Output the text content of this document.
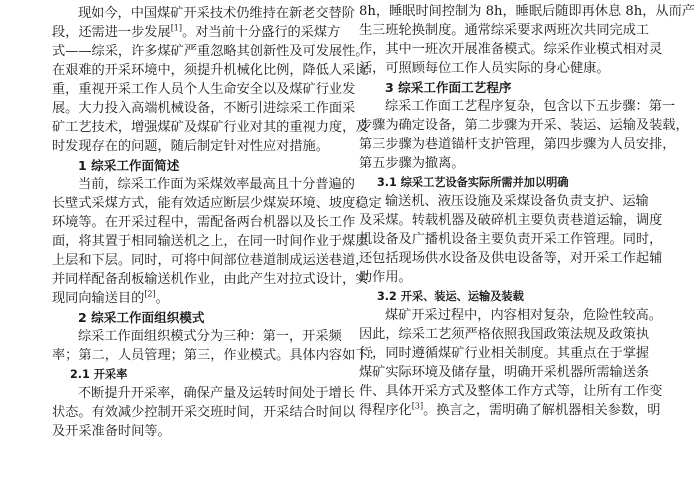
现如今，中国煤矿开采技术仍维持在新老交替阶

段，还需进一步发展[1]。对当前十分盛行的采煤方

式——综采，许多煤矿严重忽略其创新性及可发展性。

在艰难的开采环境中，须提升机械化比例，降低人采比

重，重视开采工作人员个人生命安全以及煤矿行业发

展。大力投入高端机械设备，不断引进综采工作面采

矿工艺技术，增强煤矿及煤矿行业对其的重视力度，及

时发现存在的问题，随后制定针对性应对措施。

1 综采工作面简述

当前，综采工作面为采煤效率最高且十分普遍的

长壁式采煤方式，能有效适应断层少煤炭环境、坡度稳定

环境等。在开采过程中，需配备两台机器以及长工作

面，将其置于相同输送机之上，在同一时间作业于煤层

上层和下层。同时，可将中间部位巷道制成运送巷道，

并同样配备刮板输送机作业，由此产生对拉式设计，实

现同向输送目的[2]。

2 综采工作面组织模式

综采工作面组织模式分为三种：第一，开采频

率；第二，人员管理；第三，作业模式。具体内容如下：

2.1 开采率

不断提升开采率，确保产量及运转时间处于增长

状态。有效减少控制开采交班时间，开采结合时间以

及开采准备时间等。

8h，睡眠时间控制为 8h，睡眠后随即再休息 8h，从而产

生三班轮换制度。通常综采要求两班次共同完成工

作，其中一班次开展准备模式。综采作业模式相对灵

活，可照顾每位工作人员实际的身心健康。

3 综采工作面工艺程序

综采工作面工艺程序复杂，包含以下五步骤：第一

步骤为确定设备，第二步骤为开采、装运、运输及装载，

第三步骤为巷道锚杆支护管理，第四步骤为人员安排，

第五步骤为撤离。

3.1 综采工艺设备实际所需并加以明确

输送机、液压设施及采煤设备负责支护、运输

及采煤。转载机器及破碎机主要负责巷道运输，调度

机设备及广播机设备主要负责开采工作管理。同时，

还包括现场供水设备及供电设备等，对开采工作起辅

助作用。

3.2 开采、装运、运输及装载

煤矿开采过程中，内容相对复杂，危险性较高。

因此，综采工艺须严格依照我国政策法规及政策执

行，同时遵循煤矿行业相关制度。其重点在于掌握

煤矿实际环境及储存量，明确开采机器所需输送条

件、具体开采方式及整体工作方式等，让所有工作变

得程序化[3]。换言之，需明确了解机器相关参数，明
